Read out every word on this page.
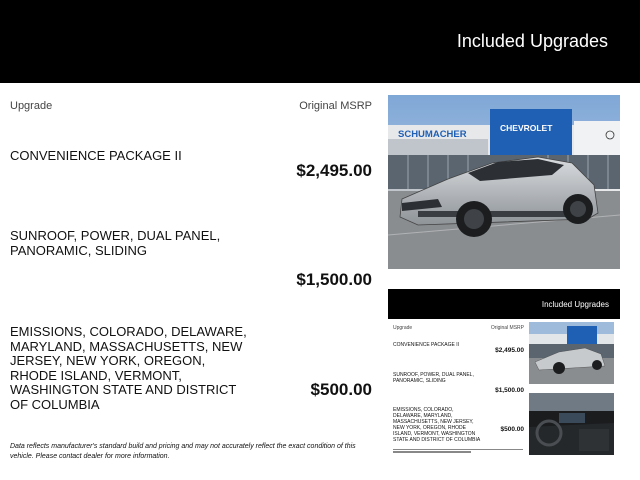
Included Upgrades
Upgrade	Original MSRP
CONVENIENCE PACKAGE II
$2,495.00
SUNROOF, POWER, DUAL PANEL, PANORAMIC, SLIDING
$1,500.00
EMISSIONS, COLORADO, DELAWARE, MARYLAND, MASSACHUSETTS, NEW JERSEY, NEW YORK, OREGON, RHODE ISLAND, VERMONT, WASHINGTON STATE AND DISTRICT OF COLUMBIA
$500.00
Data reflects manufacturer's standard build and pricing and may not accurately reflect the exact condition of this vehicle. Please contact dealer for more information.
SCHUMACHER
CHEVROLET
Included Upgrades
Upgrade	Original MSRP
CONVENIENCE PACKAGE II
$2,495.00
SUNROOF, POWER, DUAL PANEL, PANORAMIC, SLIDING
$1,500.00
EMISSIONS, COLORADO, DELAWARE, MARYLAND, MASSACHUSETTS, NEW JERSEY, NEW YORK, OREGON, RHODE ISLAND, VERMONT, WASHINGTON STATE AND DISTRICT OF COLUMBIA
$500.00
